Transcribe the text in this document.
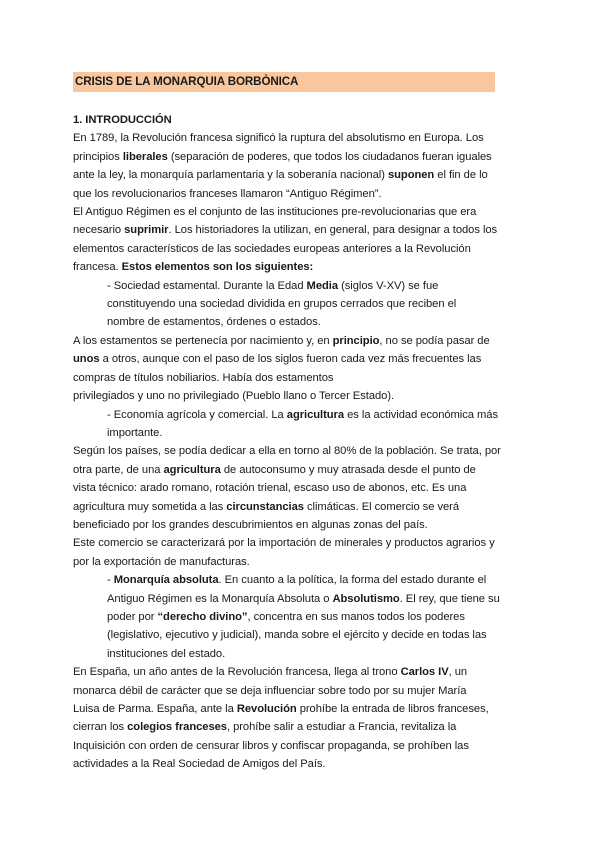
CRISIS DE LA MONARQUIA BORBÒNICA
1. INTRODUCCIÓN
En 1789, la Revolución francesa significó la ruptura del absolutismo en Europa. Los
principios liberales (separación de poderes, que todos los ciudadanos fueran iguales
ante la ley, la monarquía parlamentaria y la soberanía nacional) suponen el fin de lo
que los revolucionarios franceses llamaron “Antiguo Régimen”.
El Antiguo Régimen es el conjunto de las instituciones pre-revolucionarias que era
necesario suprimir. Los historiadores la utilizan, en general, para designar a todos los
elementos característicos de las sociedades europeas anteriores a la Revolución
francesa. Estos elementos son los siguientes:
- Sociedad estamental. Durante la Edad Media (siglos V-XV) se fue
constituyendo una sociedad dividida en grupos cerrados que reciben el
nombre de estamentos, órdenes o estados.
A los estamentos se pertenecía por nacimiento y, en principio, no se podía pasar de
unos a otros, aunque con el paso de los siglos fueron cada vez más frecuentes las
compras de títulos nobiliarios. Había dos estamentos
privilegiados y uno no privilegiado (Pueblo llano o Tercer Estado).
- Economía agrícola y comercial. La agricultura es la actividad económica más
importante.
Según los países, se podía dedicar a ella en torno al 80% de la población. Se trata, por
otra parte, de una agricultura de autoconsumo y muy atrasada desde el punto de
vista técnico: arado romano, rotación trienal, escaso uso de abonos, etc. Es una
agricultura muy sometida a las circunstancias climáticas. El comercio se verá
beneficiado por los grandes descubrimientos en algunas zonas del país.
Este comercio se caracterizará por la importación de minerales y productos agrarios y
por la exportación de manufacturas.
- Monarquía absoluta. En cuanto a la política, la forma del estado durante el
Antiguo Régimen es la Monarquía Absoluta o Absolutismo. El rey, que tiene su
poder por “derecho divino”, concentra en sus manos todos los poderes
(legislativo, ejecutivo y judicial), manda sobre el ejército y decide en todas las
instituciones del estado.
En España, un año antes de la Revolución francesa, llega al trono Carlos IV, un
monarca débil de carácter que se deja influenciar sobre todo por su mujer María
Luisa de Parma. España, ante la Revolución prohíbe la entrada de libros franceses,
cierran los colegios franceses, prohíbe salir a estudiar a Francia, revitaliza la
Inquisición con orden de censurar libros y confiscar propaganda, se prohíben las
actividades a la Real Sociedad de Amigos del País.
